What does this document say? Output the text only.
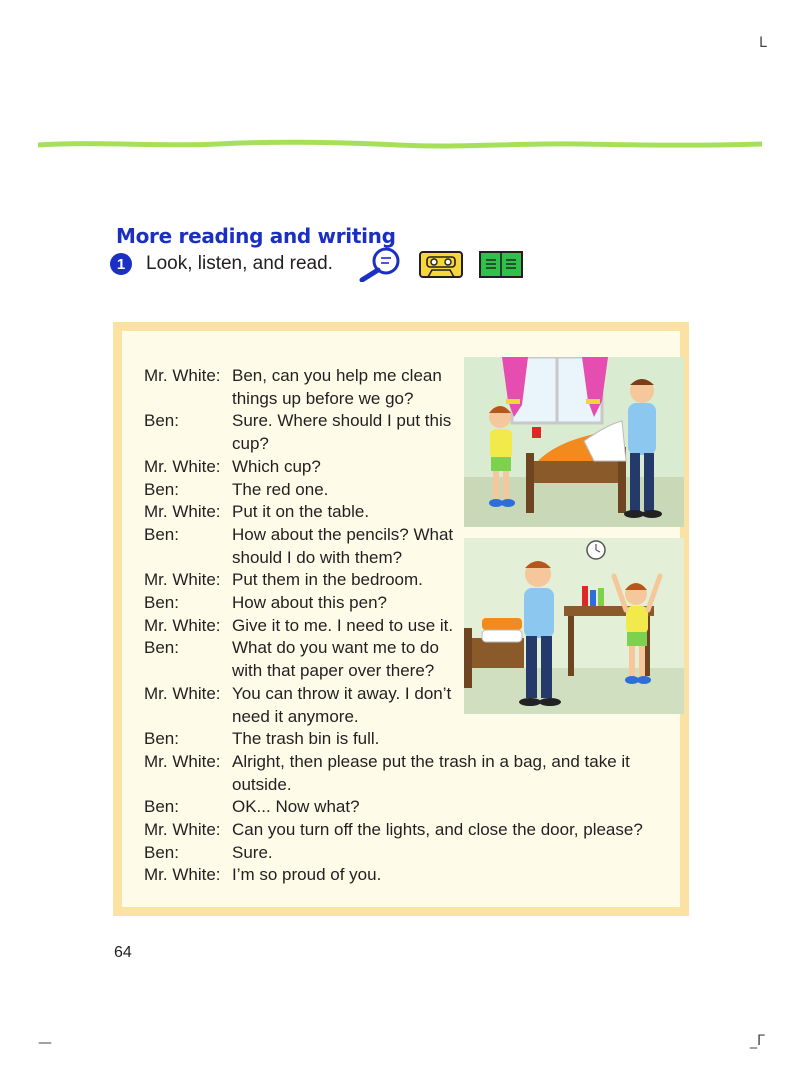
ᒪ
—	_Γ
More reading and writing
1	Look, listen, and read.
Mr. White: Ben, can you help me clean
things up before we go?
Ben:	Sure. Where should I put this
cup?
Mr. White: Which cup?
Ben:	The red one.
Mr. White: Put it on the table.
Ben:	How about the pencils? What
should I do with them?
Mr. White: Put them in the bedroom.
Ben:	How about this pen?
Mr. White: Give it to me. I need to use it.
Ben:	What do you want me to do
with that paper over there?
Mr. White: You can throw it away. I don’t
need it anymore.
Ben:	The trash bin is full.
Mr. White: Alright, then please put the trash in a bag, and take it
outside.
Ben:	OK... Now what?
Mr. White: Can you turn off the lights, and close the door, please?
Ben:	Sure.
Mr. White: I’m so proud of you.
64
